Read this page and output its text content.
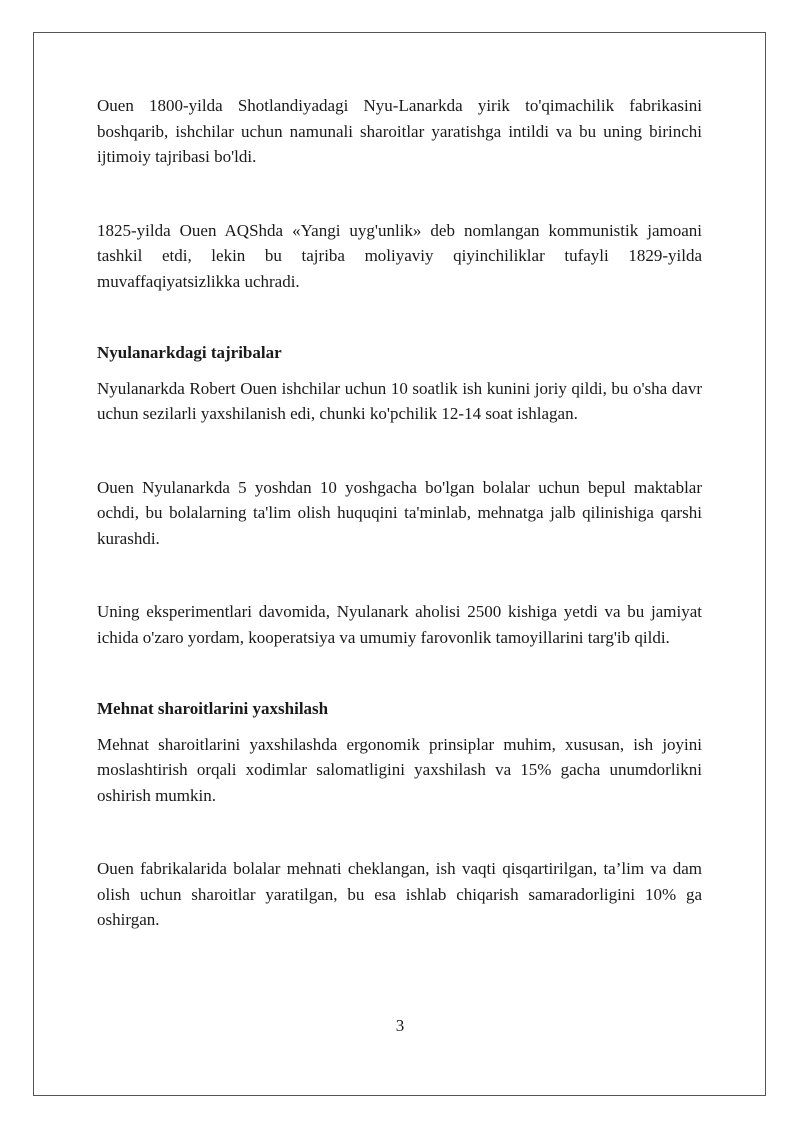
Ouen 1800-yilda Shotlandiyadagi Nyu-Lanarkda yirik to'qimachilik fabrikasini boshqarib, ishchilar uchun namunali sharoitlar yaratishga intildi va bu uning birinchi ijtimoiy tajribasi bo'ldi.

1825-yilda Ouen AQShda «Yangi uyg'unlik» deb nomlangan kommunistik jamoani tashkil etdi, lekin bu tajriba moliyaviy qiyinchiliklar tufayli 1829-yilda muvaffaqiyatsizlikka uchradi.

Nyulanarkdagi tajribalar

Nyulanarkda Robert Ouen ishchilar uchun 10 soatlik ish kunini joriy qildi, bu o'sha davr uchun sezilarli yaxshilanish edi, chunki ko'pchilik 12-14 soat ishlagan.

Ouen Nyulanarkda 5 yoshdan 10 yoshgacha bo'lgan bolalar uchun bepul maktablar ochdi, bu bolalarning ta'lim olish huquqini ta'minlab, mehnatga jalb qilinishiga qarshi kurashdi.

Uning eksperimentlari davomida, Nyulanark aholisi 2500 kishiga yetdi va bu jamiyat ichida o'zaro yordam, kooperatsiya va umumiy farovonlik tamoyillarini targ'ib qildi.

Mehnat sharoitlarini yaxshilash

Mehnat sharoitlarini yaxshilashda ergonomik prinsiplar muhim, xususan, ish joyini moslashtirish orqali xodimlar salomatligini yaxshilash va 15% gacha unumdorlikni oshirish mumkin.

Ouen fabrikalarida bolalar mehnati cheklangan, ish vaqti qisqartirilgan, ta’lim va dam olish uchun sharoitlar yaratilgan, bu esa ishlab chiqarish samaradorligini 10% ga oshirgan.

3
